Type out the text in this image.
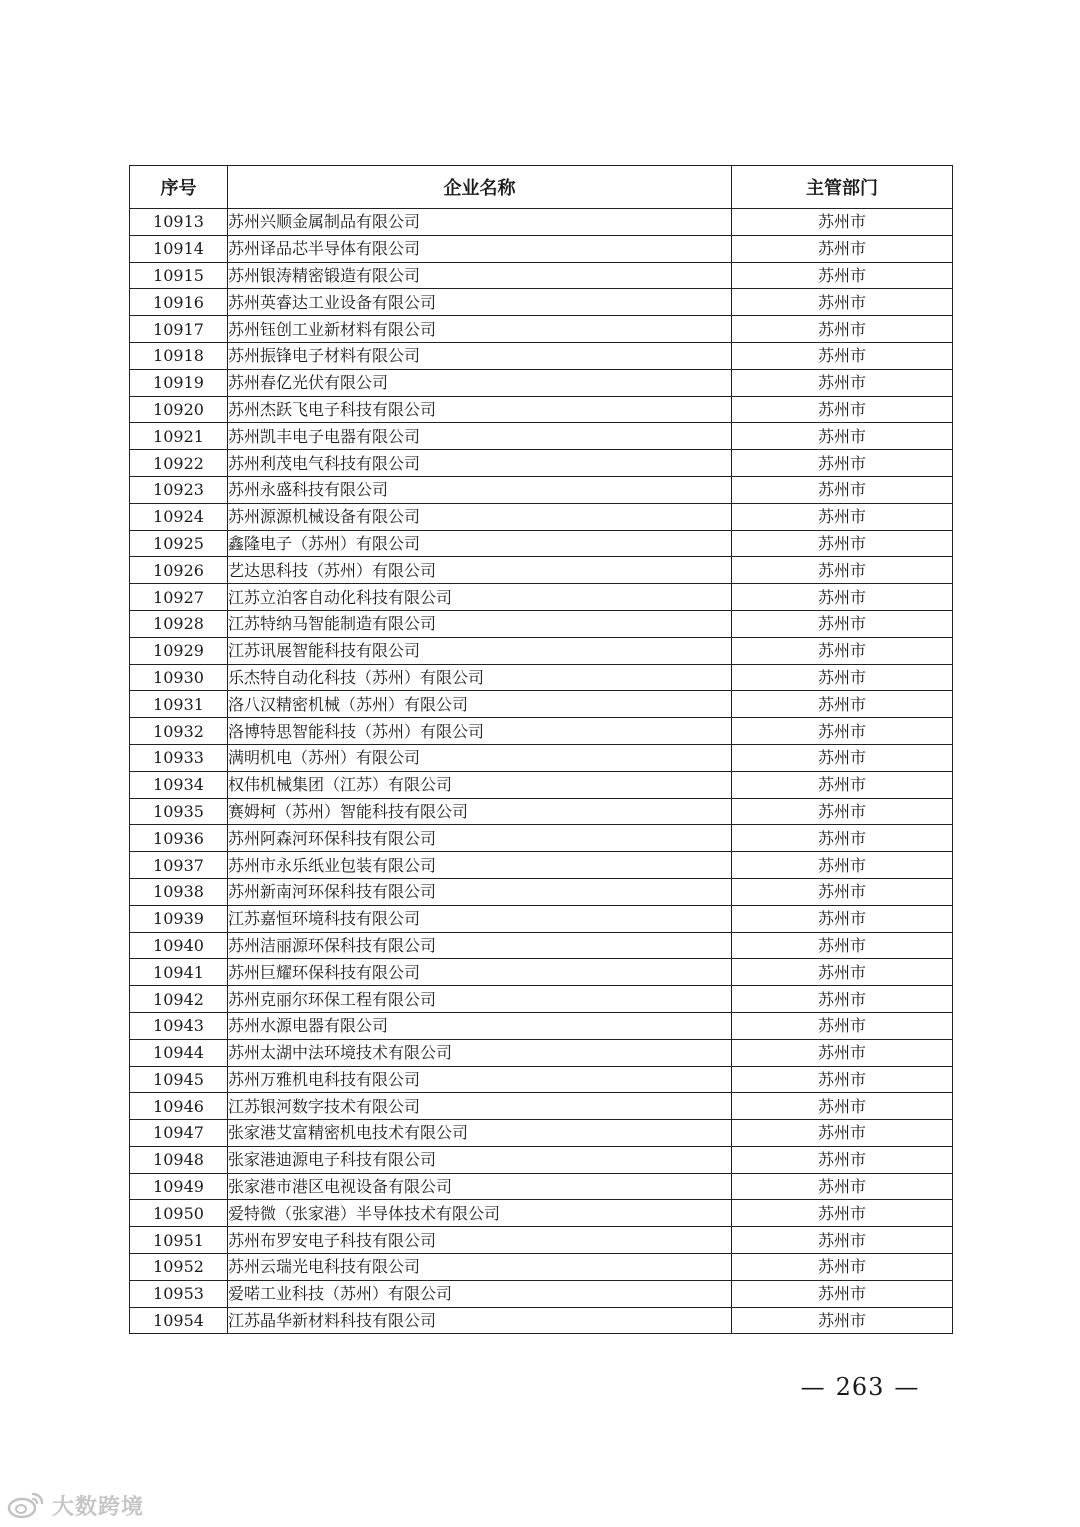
序号	企业名称	主管部门
10913	苏州兴顺金属制品有限公司	苏州市
10914	苏州译品芯半导体有限公司	苏州市
10915	苏州银涛精密锻造有限公司	苏州市
10916	苏州英睿达工业设备有限公司	苏州市
10917	苏州钰创工业新材料有限公司	苏州市
10918	苏州振锋电子材料有限公司	苏州市
10919	苏州春亿光伏有限公司	苏州市
10920	苏州杰跃飞电子科技有限公司	苏州市
10921	苏州凯丰电子电器有限公司	苏州市
10922	苏州利茂电气科技有限公司	苏州市
10923	苏州永盛科技有限公司	苏州市
10924	苏州源源机械设备有限公司	苏州市
10925	鑫隆电子（苏州）有限公司	苏州市
10926	艺达思科技（苏州）有限公司	苏州市
10927	江苏立泊客自动化科技有限公司	苏州市
10928	江苏特纳马智能制造有限公司	苏州市
10929	江苏讯展智能科技有限公司	苏州市
10930	乐杰特自动化科技（苏州）有限公司	苏州市
10931	洛八汉精密机械（苏州）有限公司	苏州市
10932	洛博特思智能科技（苏州）有限公司	苏州市
10933	满明机电（苏州）有限公司	苏州市
10934	权伟机械集团（江苏）有限公司	苏州市
10935	赛姆柯（苏州）智能科技有限公司	苏州市
10936	苏州阿森河环保科技有限公司	苏州市
10937	苏州市永乐纸业包装有限公司	苏州市
10938	苏州新南河环保科技有限公司	苏州市
10939	江苏嘉恒环境科技有限公司	苏州市
10940	苏州洁丽源环保科技有限公司	苏州市
10941	苏州巨耀环保科技有限公司	苏州市
10942	苏州克丽尔环保工程有限公司	苏州市
10943	苏州水源电器有限公司	苏州市
10944	苏州太湖中法环境技术有限公司	苏州市
10945	苏州万雅机电科技有限公司	苏州市
10946	江苏银河数字技术有限公司	苏州市
10947	张家港艾富精密机电技术有限公司	苏州市
10948	张家港迪源电子科技有限公司	苏州市
10949	张家港市港区电视设备有限公司	苏州市
10950	爱特微（张家港）半导体技术有限公司	苏州市
10951	苏州布罗安电子科技有限公司	苏州市
10952	苏州云瑞光电科技有限公司	苏州市
10953	爱喏工业科技（苏州）有限公司	苏州市
10954	江苏晶华新材料科技有限公司	苏州市
— 263 —
大数跨境
